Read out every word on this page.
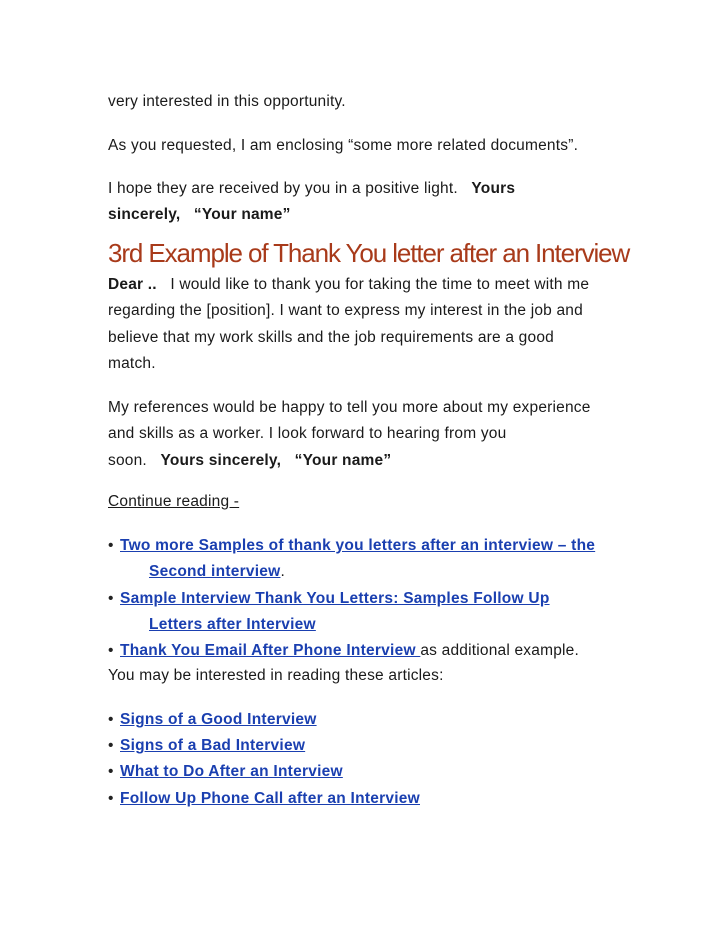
very interested in this opportunity.
As you requested, I am enclosing “some more related documents”.
I hope they are received by you in a positive light. Yours
sincerely, “Your name”
3rd Example of Thank You letter after an Interview
Dear .. I would like to thank you for taking the time to meet with me
regarding the [position]. I want to express my interest in the job and
believe that my work skills and the job requirements are a good
match.
My references would be happy to tell you more about my experience
and skills as a worker. I look forward to hearing from you
soon. Yours sincerely, “Your name”
Continue reading -
• Two more Samples of thank you letters after an interview – the
Second interview.
• Sample Interview Thank You Letters: Samples Follow Up
Letters after Interview
• Thank You Email After Phone Interview as additional example.
You may be interested in reading these articles:
• Signs of a Good Interview
• Signs of a Bad Interview
• What to Do After an Interview
• Follow Up Phone Call after an Interview
